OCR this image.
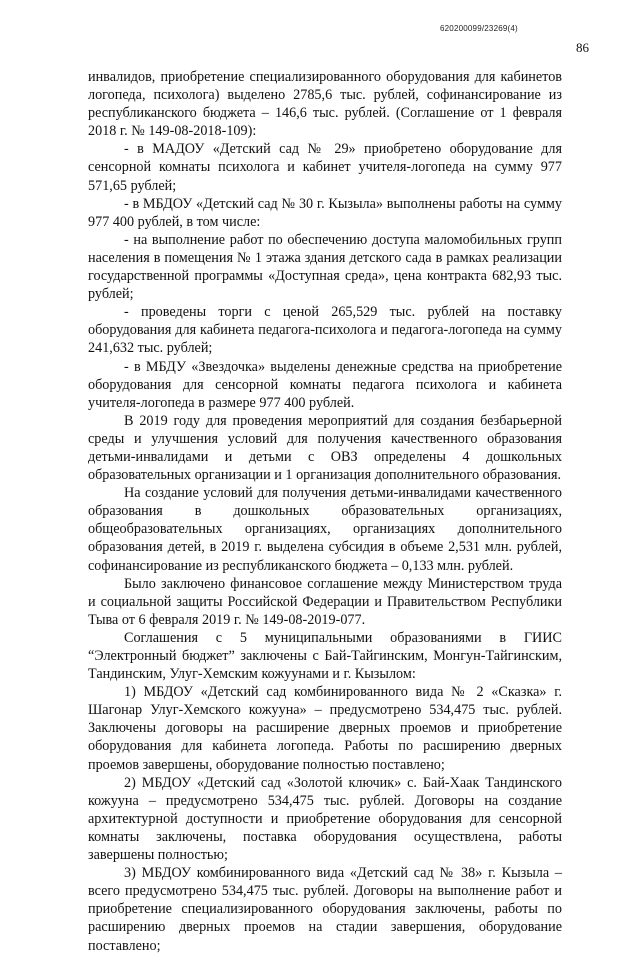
620200099/23269(4)
86

инвалидов, приобретение специализированного оборудования для кабинетов логопеда, психолога) выделено 2785,6 тыс. рублей, софинансирование из республиканского бюджета – 146,6 тыс. рублей. (Соглашение от 1 февраля 2018 г. № 149-08-2018-109):

- в МАДОУ «Детский сад № 29» приобретено оборудование для сенсорной комнаты психолога и кабинет учителя-логопеда на сумму 977 571,65 рублей;

- в МБДОУ «Детский сад № 30 г. Кызыла» выполнены работы на сумму 977 400 рублей, в том числе:

- на выполнение работ по обеспечению доступа маломобильных групп населения в помещения № 1 этажа здания детского сада в рамках реализации государственной программы «Доступная среда», цена контракта 682,93 тыс. рублей;

- проведены торги с ценой 265,529 тыс. рублей на поставку оборудования для кабинета педагога-психолога и педагога-логопеда на сумму 241,632 тыс. рублей;

- в МБДУ «Звездочка» выделены денежные средства на приобретение оборудования для сенсорной комнаты педагога психолога и кабинета учителя-логопеда в размере 977 400 рублей.

В 2019 году для проведения мероприятий для создания безбарьерной среды и улучшения условий для получения качественного образования детьми-инвалидами и детьми с ОВЗ определены 4 дошкольных образовательных организации и 1 организация дополнительного образования.

На создание условий для получения детьми-инвалидами качественного образования в дошкольных образовательных организациях, общеобразовательных организациях, организациях дополнительного образования детей, в 2019 г. выделена субсидия в объеме 2,531 млн. рублей, софинансирование из республиканского бюджета – 0,133 млн. рублей.

Было заключено финансовое соглашение между Министерством труда и социальной защиты Российской Федерации и Правительством Республики Тыва от 6 февраля 2019 г. № 149-08-2019-077.

Соглашения с 5 муниципальными образованиями в ГИИС “Электронный бюджет” заключены с Бай-Тайгинским, Монгун-Тайгинским, Тандинским, Улуг-Хемским кожуунами и г. Кызылом:

1) МБДОУ «Детский сад комбинированного вида № 2 «Сказка» г. Шагонар Улуг-Хемского кожууна» – предусмотрено 534,475 тыс. рублей. Заключены договоры на расширение дверных проемов и приобретение оборудования для кабинета логопеда. Работы по расширению дверных проемов завершены, оборудование полностью поставлено;

2) МБДОУ «Детский сад «Золотой ключик» с. Бай-Хаак Тандинского кожууна – предусмотрено 534,475 тыс. рублей. Договоры на создание архитектурной доступности и приобретение оборудования для сенсорной комнаты заключены, поставка оборудования осуществлена, работы завершены полностью;

3) МБДОУ комбинированного вида «Детский сад № 38» г. Кызыла – всего предусмотрено 534,475 тыс. рублей. Договоры на выполнение работ и приобретение специализированного оборудования заключены, работы по расширению дверных проемов на стадии завершения, оборудование поставлено;
